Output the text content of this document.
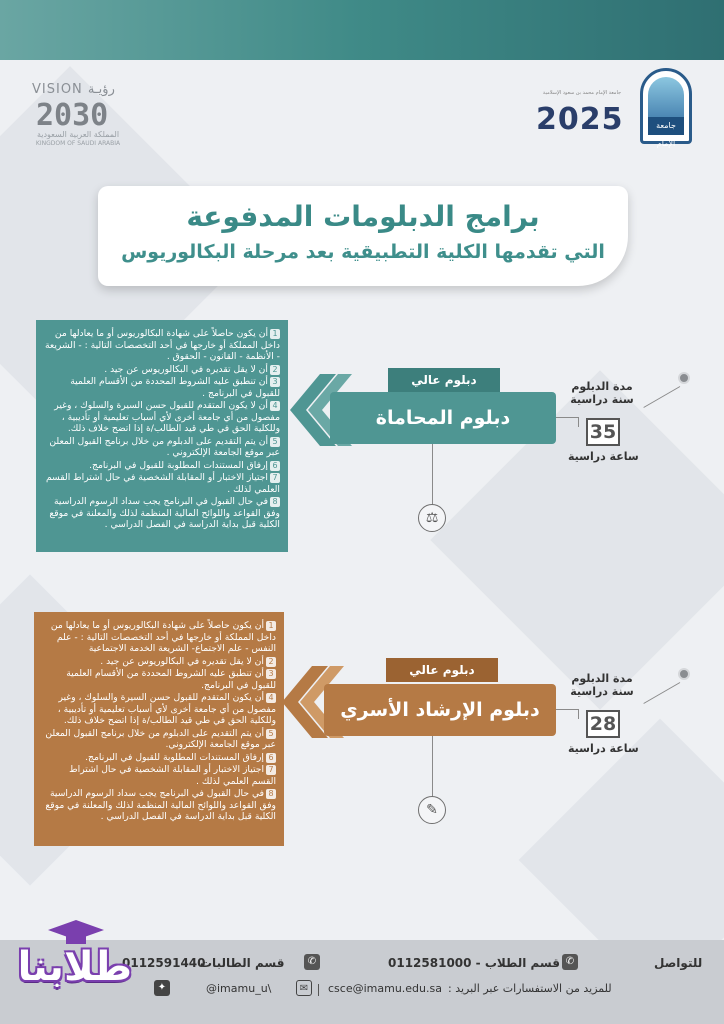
VISION رؤيـة
2030
المملكة العربية السعودية
KINGDOM OF SAUDI ARABIA
جامعة الإمام محمد بن سعود الإسلامية
2025	جامعة الإمام
برامج الدبلومات المدفوعة
التي تقدمها الكلية التطبيقية بعد مرحلة البكالوريوس
1أن يكون حاصلاً على شهادة البكالوريوس أو ما يعادلها من داخل المملكة أو خارجها في أحد التخصصات التالية : - الشريعة - الأنظمة - القانون - الحقوق .
2أن لا يقل تقديره في البكالوريوس عن جيد .
3أن تنطبق عليه الشروط المحددة من الأقسام العلمية للقبول في البرنامج .
4أن لا يكون المتقدم للقبول حسن السيرة والسلوك ، وغير مفصول من أي جامعة أخرى لأي أسباب تعليمية أو تأديبية ، وللكلية الحق في طي قيد الطالب/ة إذا اتضح خلاف ذلك.
5أن يتم التقديم على الدبلوم من خلال برنامج القبول المعلن عبر موقع الجامعة الإلكتروني .
6إرفاق المستندات المطلوبة للقبول في البرنامج.
7اجتياز الاختبار أو المقابلة الشخصية في حال اشتراط القسم العلمي لذلك .
8في حال القبول في البرنامج يجب سداد الرسوم الدراسية وفق القواعد واللوائح المالية المنظمة لذلك والمعلنة في موقع الكلية قبل بداية الدراسة في الفصل الدراسي .
دبلوم المحاماة
دبلوم عالي
⚖
مدة الدبلوم
سنة دراسية
35
ساعة دراسية
1أن يكون حاصلاً على شهادة البكالوريوس أو ما يعادلها من داخل المملكة أو خارجها في أحد التخصصات التالية : - علم النفس - علم الاجتماع- الشريعة الخدمة الاجتماعية
2أن لا يقل تقديره في البكالوريوس عن جيد .
3أن تنطبق عليه الشروط المحددة من الأقسام العلمية للقبول في البرنامج.
4أن يكون المتقدم للقبول حسن السيرة والسلوك ، وغير مفصول من أي جامعة أخرى لأي أسباب تعليمية أو تأديبية ، وللكلية الحق في طي قيد الطالب/ة إذا اتضح خلاف ذلك.
5أن يتم التقديم على الدبلوم من خلال برنامج القبول المعلن عبر موقع الجامعة الإلكتروني.
6إرفاق المستندات المطلوبة للقبول في البرنامج.
7اجتياز الاختبار أو المقابلة الشخصية في حال اشتراط القسم العلمي لذلك .
8في حال القبول في البرنامج يجب سداد الرسوم الدراسية وفق القواعد واللوائح المالية المنظمة لذلك والمعلنة في موقع الكلية قبل بداية الدراسة في الفصل الدراسي .
دبلوم الإرشاد الأسري
دبلوم عالي
✎
مدة الدبلوم
سنة دراسية
28
ساعة دراسية
للتواصل
✆
قسم الطلاب - 0112581000
✆
قسم الطالبات
0112591440
للمزيد من الاستفسارات عبر البريد :
csce@imamu.edu.sa
✉
@imamu_u\
✦
طلابنا
